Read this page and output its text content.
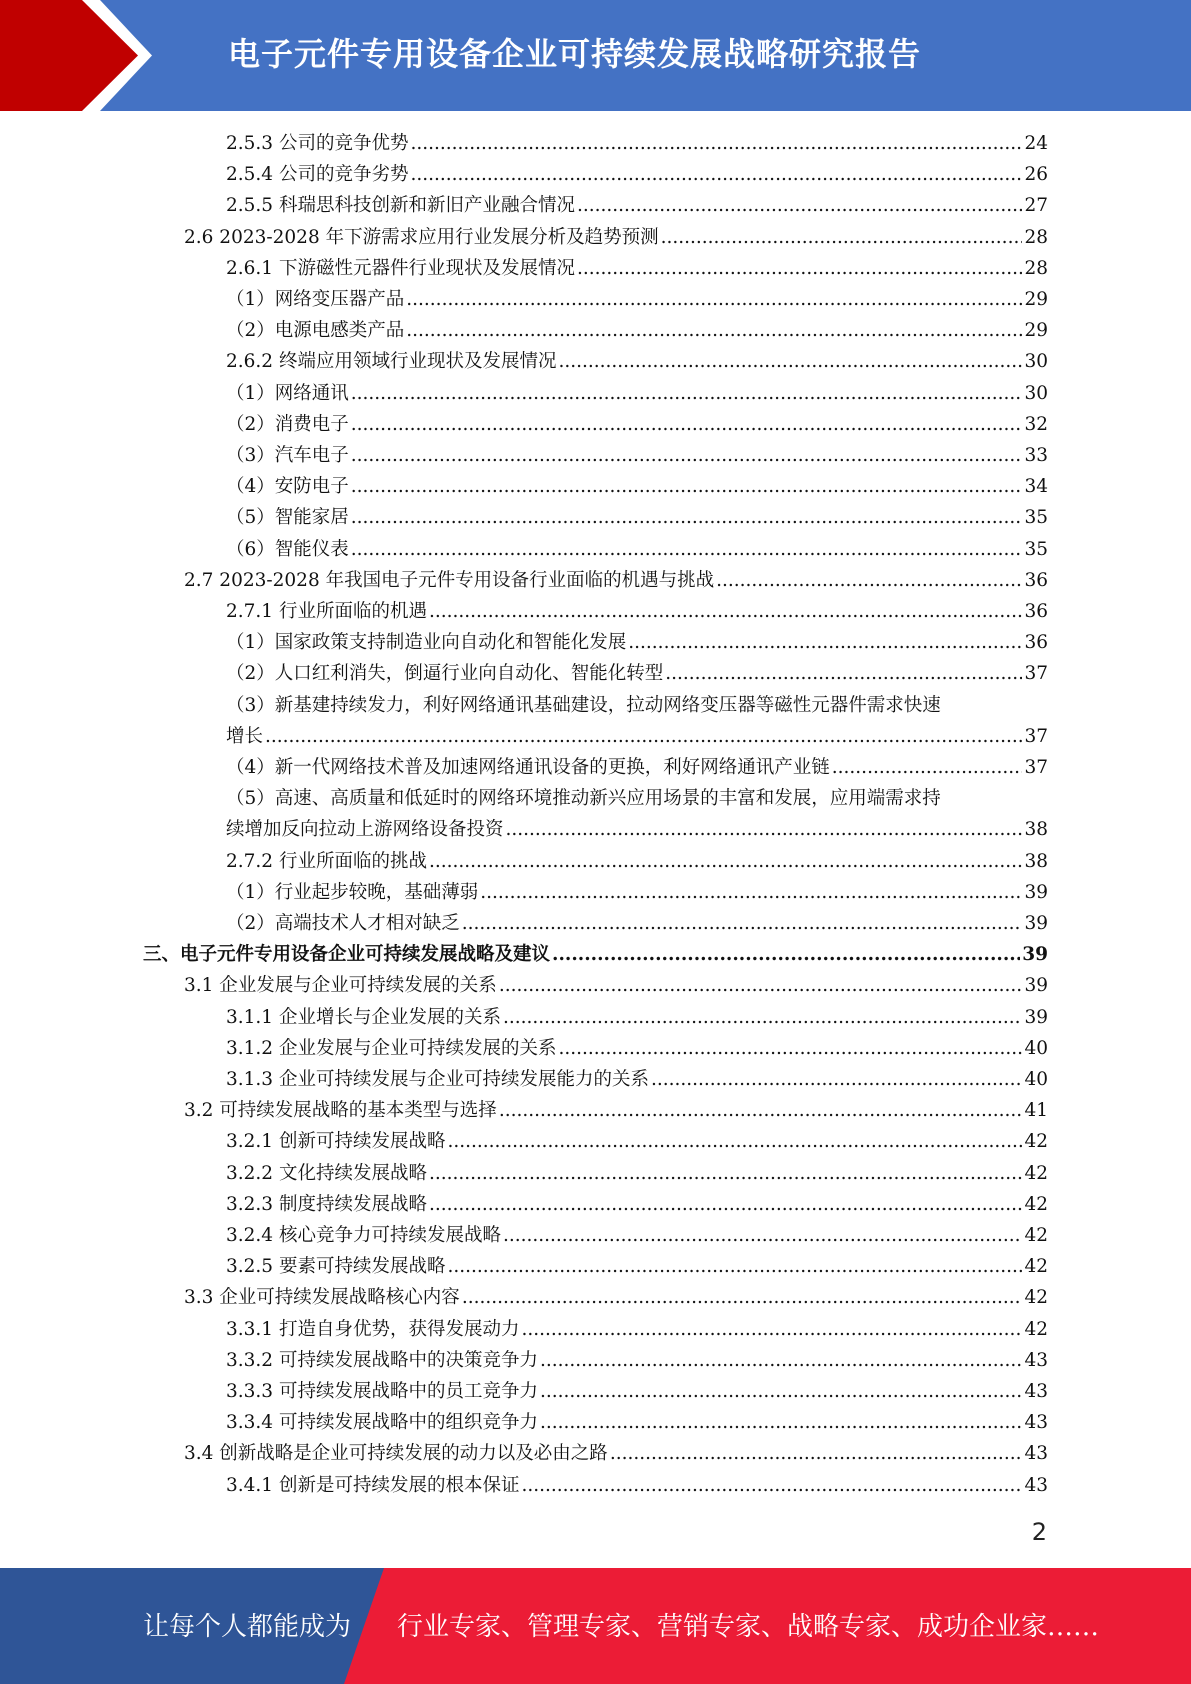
电子元件专用设备企业可持续发展战略研究报告
2.5.3 公司的竞争优势 .....	24
2.5.4 公司的竞争劣势 .....	26
2.5.5 科瑞思科技创新和新旧产业融合情况 .....	27
2.6 2023-2028 年下游需求应用行业发展分析及趋势预测 .....	28
2.6.1 下游磁性元器件行业现状及发展情况 .....	28
（1）网络变压器产品 .....	29
（2）电源电感类产品 .....	29
2.6.2 终端应用领域行业现状及发展情况 .....	30
（1）网络通讯 .....	30
（2）消费电子 .....	32
（3）汽车电子 .....	33
（4）安防电子 .....	34
（5）智能家居 .....	35
（6）智能仪表 .....	35
2.7 2023-2028 年我国电子元件专用设备行业面临的机遇与挑战 .....	36
2.7.1 行业所面临的机遇 .....	36
（1）国家政策支持制造业向自动化和智能化发展 .....	36
（2）人口红利消失，倒逼行业向自动化、智能化转型 .....	37
（3）新基建持续发力，利好网络通讯基础建设，拉动网络变压器等磁性元器件需求快速
增长 .....	37
（4）新一代网络技术普及加速网络通讯设备的更换，利好网络通讯产业链 .....	37
（5）高速、高质量和低延时的网络环境推动新兴应用场景的丰富和发展，应用端需求持
续增加反向拉动上游网络设备投资 .....	38
2.7.2 行业所面临的挑战 .....	38
（1）行业起步较晚，基础薄弱 .....	39
（2）高端技术人才相对缺乏 .....	39
三、电子元件专用设备企业可持续发展战略及建议 .....	39
3.1 企业发展与企业可持续发展的关系 .....	39
3.1.1 企业增长与企业发展的关系 .....	39
3.1.2 企业发展与企业可持续发展的关系 .....	40
3.1.3 企业可持续发展与企业可持续发展能力的关系 .....	40
3.2 可持续发展战略的基本类型与选择 .....	41
3.2.1 创新可持续发展战略 .....	42
3.2.2 文化持续发展战略 .....	42
3.2.3 制度持续发展战略 .....	42
3.2.4 核心竞争力可持续发展战略 .....	42
3.2.5 要素可持续发展战略 .....	42
3.3 企业可持续发展战略核心内容 .....	42
3.3.1 打造自身优势，获得发展动力 .....	42
3.3.2 可持续发展战略中的决策竞争力 .....	43
3.3.3 可持续发展战略中的员工竞争力 .....	43
3.3.4 可持续发展战略中的组织竞争力 .....	43
3.4 创新战略是企业可持续发展的动力以及必由之路 .....	43
3.4.1 创新是可持续发展的根本保证 .....	43
2
让每个人都能成为 行业专家、管理专家、营销专家、战略专家、成功企业家……
